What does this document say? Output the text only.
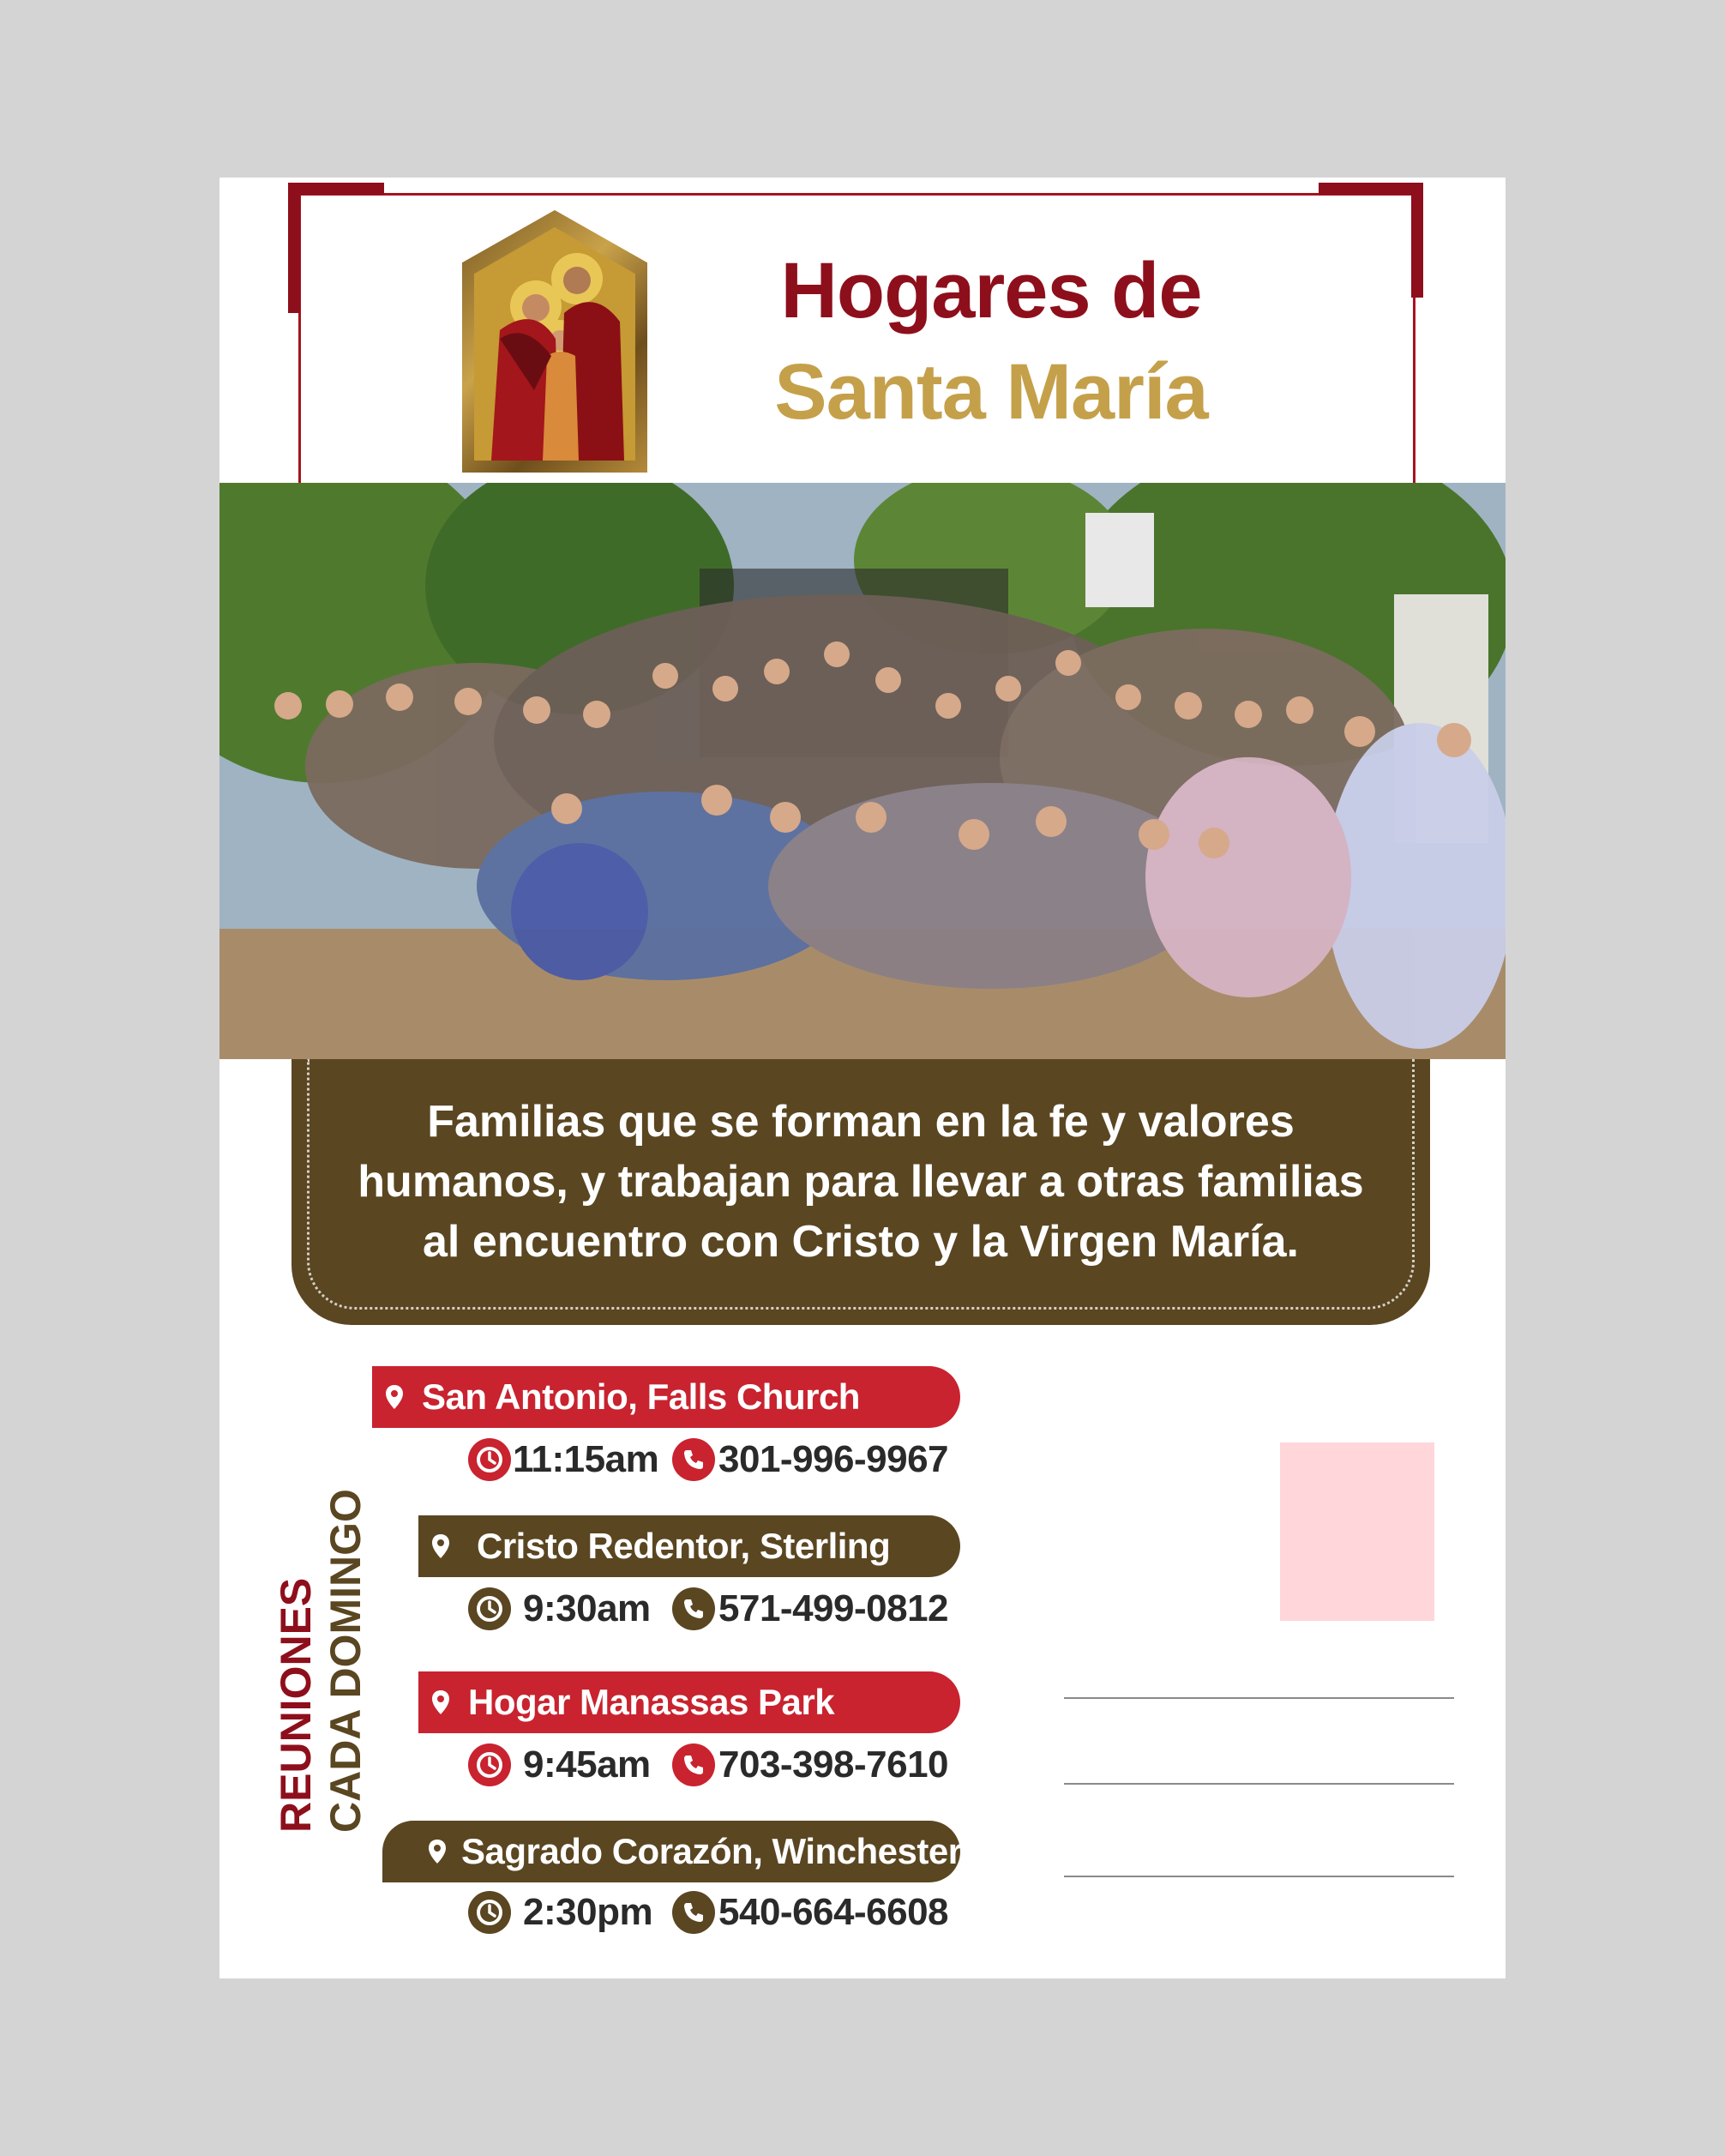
Hogares de
Santa María
Familias que se forman en la fe y valores
humanos, y trabajan para llevar a otras familias
al encuentro con Cristo y la Virgen María.
REUNIONES CADA DOMINGO
San Antonio, Falls Church
11:15am 301-996-9967
Cristo Redentor, Sterling
9:30am 571-499-0812
Hogar Manassas Park
9:45am 703-398-7610
Sagrado Corazón, Winchester
2:30pm 540-664-6608
